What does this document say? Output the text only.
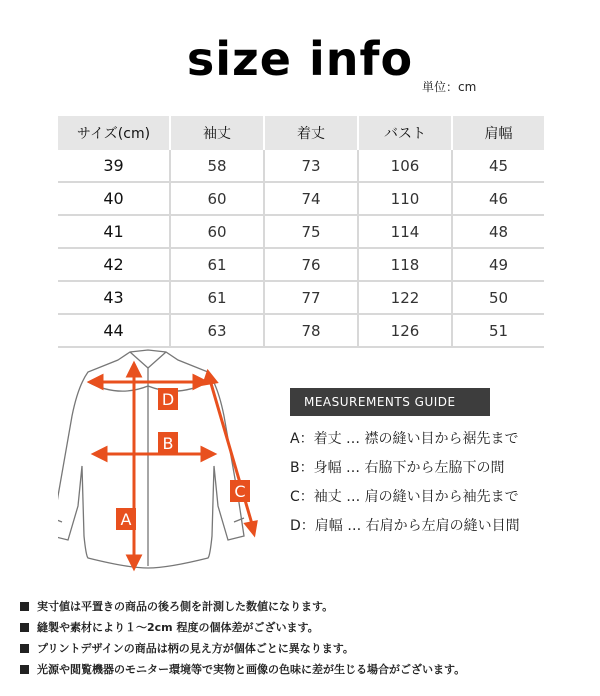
size info
単位：cm
サイズ(cm)	袖丈	着丈	バスト	肩幅
39	58	73	106	45
40	60	74	110	46
41	60	75	114	48
42	61	76	118	49
43	61	77	122	50
44	63	78	126	51
A
B
C
D	MEASUREMENTS GUIDE
A：着丈 … 襟の縫い目から裾先まで
B：身幅 … 右脇下から左脇下の間
C：袖丈 … 肩の縫い目から袖先まで
D：肩幅 … 右肩から左肩の縫い目間
実寸値は平置きの商品の後ろ側を計測した数値になります。
縫製や素材により１～2cm 程度の個体差がございます。
プリントデザインの商品は柄の見え方が個体ごとに異なります。
光源や閲覧機器のモニター環境等で実物と画像の色味に差が生じる場合がございます。
